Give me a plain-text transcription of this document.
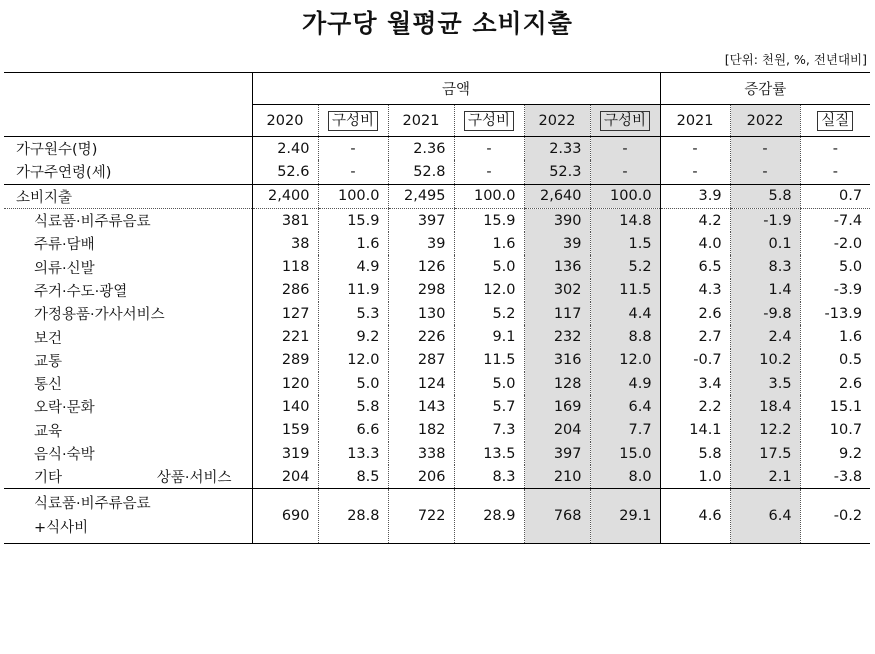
가구당 월평균 소비지출
[단위: 천원, %, 전년대비]
	금액						증감률		
	2020	구성비	2021	구성비	2022	구성비	2021	2022	실질

가구원수(명)	2.40	-	2.36	-	2.33	-	-	-	-

가구주연령(세)	52.6	-	52.8	-	52.3	-	-	-	-

소비지출	2,400	100.0	2,495	100.0	2,640	100.0	3.9	5.8	0.7

식료품·비주류음료	381	15.9	397	15.9	390	14.8	4.2	-1.9	-7.4

주류·담배	38	1.6	39	1.6	39	1.5	4.0	0.1	-2.0

의류·신발	118	4.9	126	5.0	136	5.2	6.5	8.3	5.0

주거·수도·광열	286	11.9	298	12.0	302	11.5	4.3	1.4	-3.9

가정용품·가사서비스	127	5.3	130	5.2	117	4.4	2.6	-9.8	-13.9

보건	221	9.2	226	9.1	232	8.8	2.7	2.4	1.6

교통	289	12.0	287	11.5	316	12.0	-0.7	10.2	0.5

통신	120	5.0	124	5.0	128	4.9	3.4	3.5	2.6

오락·문화	140	5.8	143	5.7	169	6.4	2.2	18.4	15.1

교육	159	6.6	182	7.3	204	7.7	14.1	12.2	10.7

음식·숙박	319	13.3	338	13.5	397	15.0	5.8	17.5	9.2

기타 상품·서비스	204	8.5	206	8.3	210	8.0	1.0	2.1	-3.8

식료품·비주류음료
+식사비	690	28.8	722	28.9	768	29.1	4.6	6.4	-0.2
